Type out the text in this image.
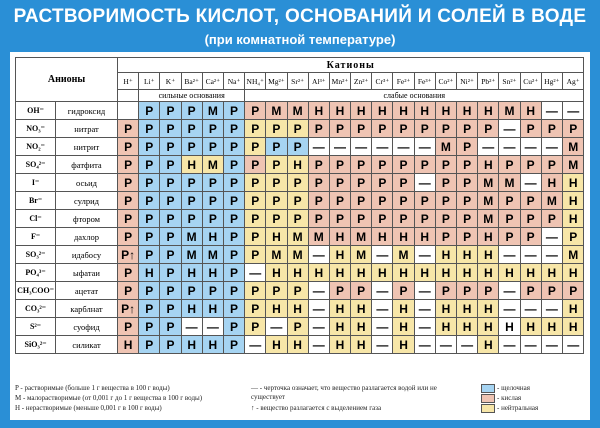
РАСТВОРИМОСТЬ КИСЛОТ, ОСНОВАНИЙ И СОЛЕЙ В ВОДЕ
(при комнатной температуре)
Анионы		Катионы																					
		H⁺	Li⁺	K⁺	Ba²⁺	Ca²⁺	Na⁺	NH₄⁺	Mg²⁺	Sr²⁺	Al³⁺	Mn²⁺	Zn²⁺	Cr³⁺	Fe²⁺	Fe³⁺	Co²⁺	Ni²⁺	Pb²⁺	Sn²⁺	Cu²⁺	Hg²⁺	Ag⁺
			сильные основания					слабые основания															
OH⁻	гидроксид		P	P	P	M	P	P	M	M	H	H	H	H	H	H	H	H	H	M	H	—	—
NO₃⁻	нитрат	P	P	P	P	P	P	P	P	P	P	P	P	P	P	P	P	P	P	—	P	P	P
NO₂⁻	нитрит	P	P	P	P	P	P	P	P	P	—	—	—	—	—	—	M	P	—	—	—	—	M
SO₄²⁻	фатфита	P	P	P	H	M	P	P	P	H	P	P	P	P	P	P	P	P	H	P	P	P	M
I⁻	осьид	P	P	P	P	P	P	P	P	P	P	P	P	P	P	—	P	P	M	M	—	H	H
Br⁻	сулрид	P	P	P	P	P	P	P	P	P	P	P	P	P	P	P	P	P	M	P	P	M	H
Cl⁻	фтором	P	P	P	P	P	P	P	P	P	P	P	P	P	P	P	P	P	M	P	P	P	H
F⁻	дахлор	P	P	P	M	H	P	P	H	M	M	H	M	H	H	H	P	P	H	P	P	—	P
SO₃²⁻	идабосу	P↑	P	P	M	M	P	P	M	M	—	H	M	—	M	—	H	H	H	—	—	—	M
PO₄³⁻	ыфатаи	P	H	P	H	H	P	—	H	H	H	H	H	H	H	H	H	H	H	H	H	H	H
CH₃COO⁻	ацетат	P	P	P	P	P	P	P	P	P	—	P	P	—	P	—	P	P	P	—	P	P	P
CO₃²⁻	карблнат	P↑	P	P	H	H	P	P	H	H	—	H	H	—	H	—	H	H	H	—	—	—	H
S²⁻	суофид	P	P	P	—	—	P	P	—	P	—	H	H	—	H	—	H	H	H	H	H	H	H
SiO₃²⁻	силикат	H	P	P	H	H	P	—	H	H	—	H	H	—	H	—	—	—	H	—	—	—	—
P - растворимые (больше 1 г вещества в 100 г воды)
M - малорастворимые (от 0,001 г до 1 г вещества в 100 г воды)
H - нерастворимые (меньше 0,001 г в 100 г воды)
— - черточка означает, что вещество разлагается водой или не существует
↑ - вещество разлагается с выделением газа
- щелочная
- кислая
- нейтральная
